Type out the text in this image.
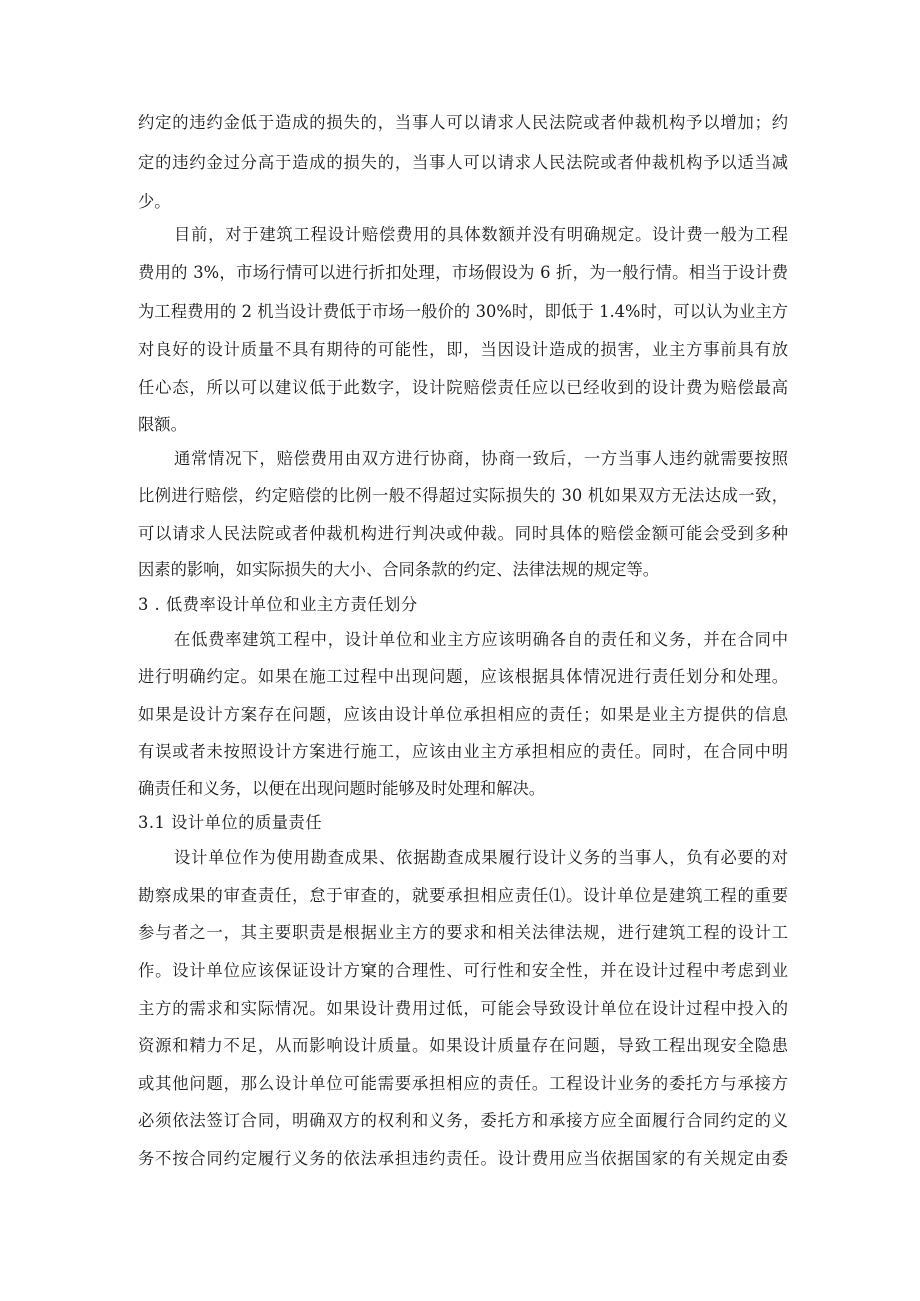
约定的违约金低于造成的损失的，当事人可以请求人民法院或者仲裁机构予以增加；约
定的违约金过分高于造成的损失的，当事人可以请求人民法院或者仲裁机构予以适当减
少。
目前，对于建筑工程设计赔偿费用的具体数额并没有明确规定。设计费一般为工程
费用的 3%，市场行情可以进行折扣处理，市场假设为 6 折，为一般行情。相当于设计费
为工程费用的 2 机当设计费低于市场一般价的 30%时，即低于 1.4%时，可以认为业主方
对良好的设计质量不具有期待的可能性，即，当因设计造成的损害，业主方事前具有放
任心态，所以可以建议低于此数字，设计院赔偿责任应以已经收到的设计费为赔偿最高
限额。
通常情况下，赔偿费用由双方进行协商，协商一致后，一方当事人违约就需要按照
比例进行赔偿，约定赔偿的比例一般不得超过实际损失的 30 机如果双方无法达成一致，
可以请求人民法院或者仲裁机构进行判决或仲裁。同时具体的赔偿金额可能会受到多种
因素的影响，如实际损失的大小、合同条款的约定、法律法规的规定等。
3 . 低费率设计单位和业主方责任划分
在低费率建筑工程中，设计单位和业主方应该明确各自的责任和义务，并在合同中
进行明确约定。如果在施工过程中出现问题，应该根据具体情况进行责任划分和处理。
如果是设计方案存在问题，应该由设计单位承担相应的责任；如果是业主方提供的信息
有误或者未按照设计方案进行施工，应该由业主方承担相应的责任。同时，在合同中明
确责任和义务，以便在出现问题时能够及时处理和解决。
3.1 设计单位的质量责任
设计单位作为使用勘查成果、依据勘查成果履行设计义务的当事人，负有必要的对
勘察成果的审查责任，怠于审查的，就要承担相应责任⑴。设计单位是建筑工程的重要
参与者之一，其主要职责是根据业主方的要求和相关法律法规，进行建筑工程的设计工
作。设计单位应该保证设计方窠的合理性、可行性和安全性，并在设计过程中考虑到业
主方的需求和实际情况。如果设计费用过低，可能会导致设计单位在设计过程中投入的
资源和精力不足，从而影响设计质量。如果设计质量存在问题，导致工程出现安全隐患
或其他问题，那么设计单位可能需要承担相应的责任。工程设计业务的委托方与承接方
必须依法签订合同，明确双方的权利和义务，委托方和承接方应全面履行合同约定的义
务不按合同约定履行义务的依法承担违约责任。设计费用应当依据国家的有关规定由委
